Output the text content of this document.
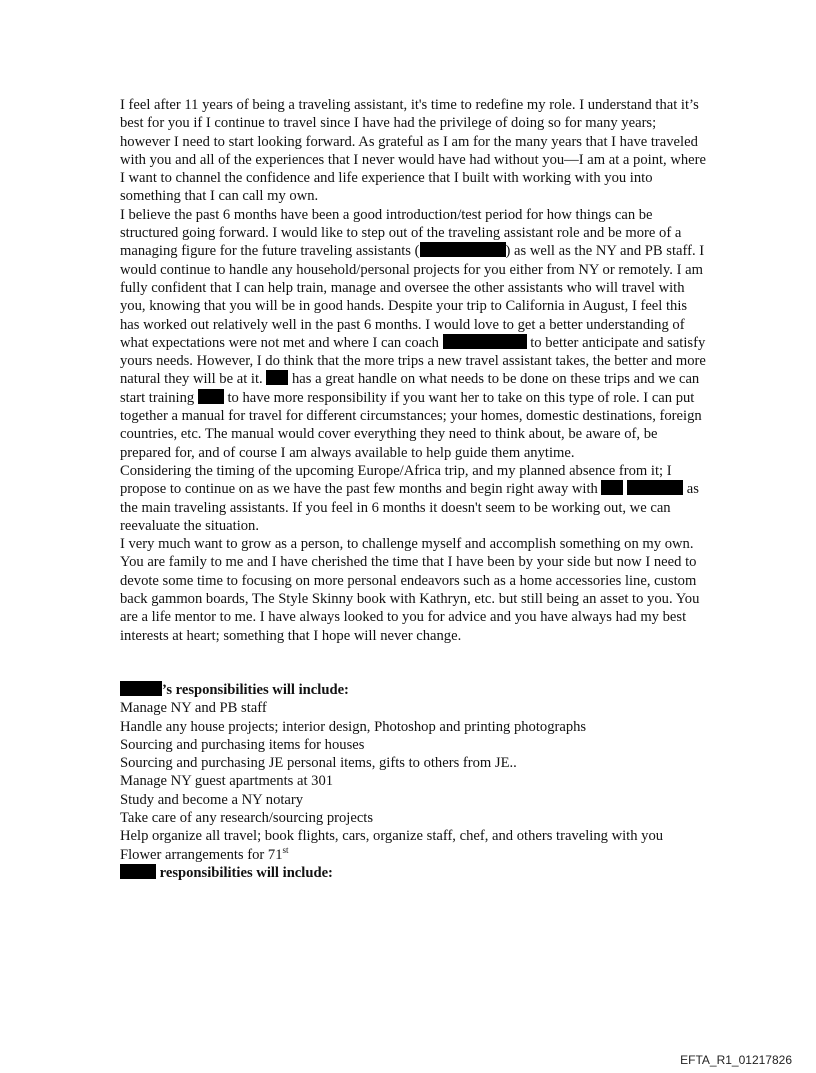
I feel after 11 years of being a traveling assistant, it's time to redefine my role. I understand that it’s best for you if I continue to travel since I have had the privilege of doing so for many years; however I need to start looking forward. As grateful as I am for the many years that I have traveled with you and all of the experiences that I never would have had without you—I am at a point, where I want to channel the confidence and life experience that I built with working with you into something that I can call my own.

I believe the past 6 months have been a good introduction/test period for how things can be structured going forward. I would like to step out of the traveling assistant role and be more of a managing figure for the future traveling assistants (	) as well as the NY and PB staff. I would continue to handle any household/personal projects for you either from NY or remotely. I am fully confident that I can help train, manage and oversee the other assistants who will travel with you, knowing that you will be in good hands. Despite your trip to California in August, I feel this has worked out relatively well in the past 6 months. I would love to get a better understanding of what expectations were not met and where I can coach	to better anticipate and satisfy yours needs. However, I do think that the more trips a new travel assistant takes, the better and more natural they will be at it.  has a great handle on what needs to be done on these trips and we can start training  to have more responsibility if you want her to take on this type of role. I can put together a manual for travel for different circumstances; your homes, domestic destinations, foreign countries, etc. The manual would cover everything they need to think about, be aware of, be prepared for, and of course I am always available to help guide them anytime.

Considering the timing of the upcoming Europe/Africa trip, and my planned absence from it; I propose to continue on as we have the past few months and begin right away with	as the main traveling assistants. If you feel in 6 months it doesn't seem to be working out, we can reevaluate the situation.

I very much want to grow as a person, to challenge myself and accomplish something on my own. You are family to me and I have cherished the time that I have been by your side but now I need to devote some time to focusing on more personal endeavors such as a home accessories line, custom back gammon boards, The Style Skinny book with Kathryn, etc. but still being an asset to you. You are a life mentor to me. I have always looked to you for advice and you have always had my best interests at heart; something that I hope will never change.

’s responsibilities will include:
Manage NY and PB staff
Handle any house projects; interior design, Photoshop and printing photographs
Sourcing and purchasing items for houses
Sourcing and purchasing JE personal items, gifts to others from JE..
Manage NY guest apartments at 301
Study and become a NY notary
Take care of any research/sourcing projects
Help organize all travel; book flights, cars, organize staff, chef, and others traveling with you
Flower arrangements for 71st
responsibilities will include:
EFTA_R1_01217826
